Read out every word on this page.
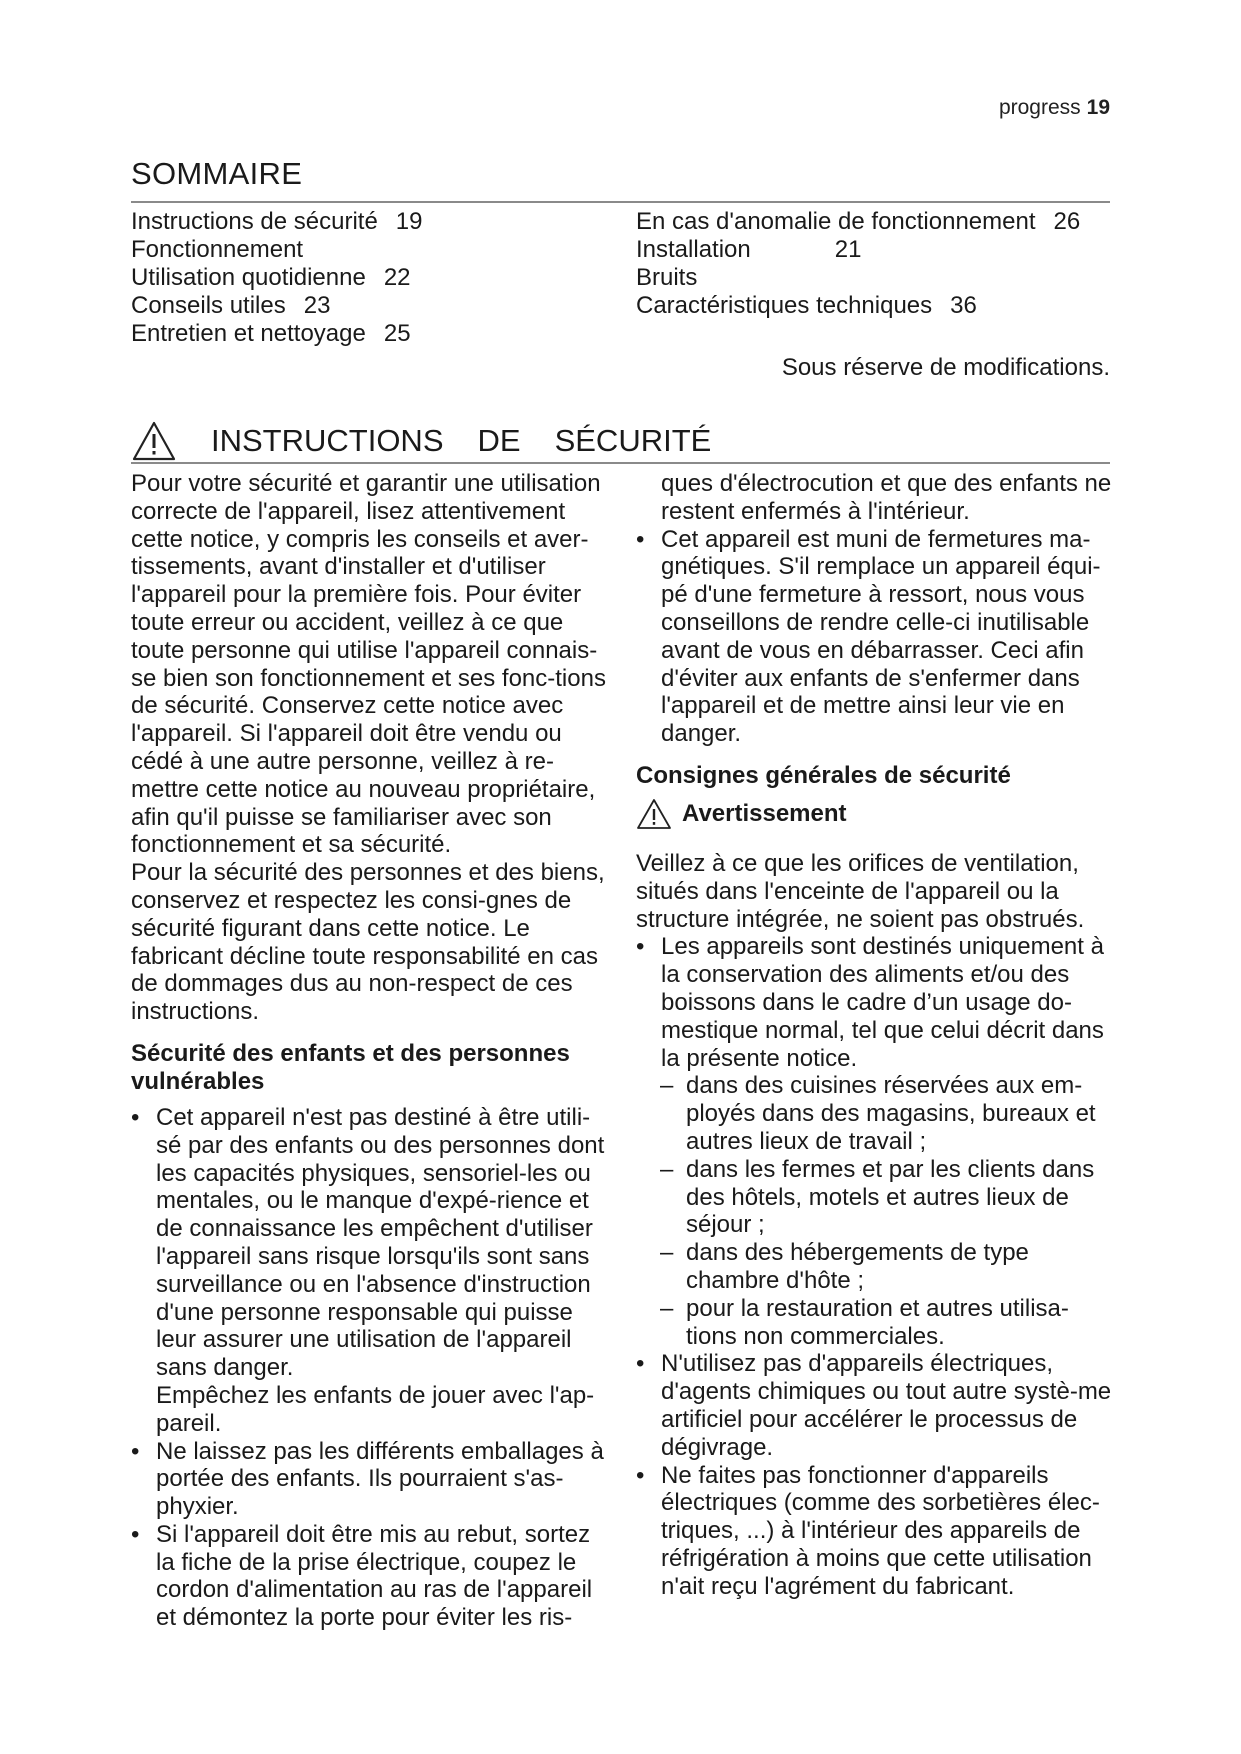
progress 19
SOMMAIRE
Instructions de sécurité 19
Fonctionnement
Utilisation quotidienne 22
Conseils utiles 23
Entretien et nettoyage 25
En cas d'anomalie de fonctionnement 26
Installation	21
Bruits
Caractéristiques techniques 36
Sous réserve de modifications.
INSTRUCTIONS DE SÉCURITÉ

Pour votre sécurité et garantir une utilisation correcte de l'appareil, lisez attentivement cette notice, y compris les conseils et aver-tissements, avant d'installer et d'utiliser l'appareil pour la première fois. Pour éviter toute erreur ou accident, veillez à ce que toute personne qui utilise l'appareil connais-se bien son fonctionnement et ses fonc-tions de sécurité. Conservez cette notice avec l'appareil. Si l'appareil doit être vendu ou cédé à une autre personne, veillez à re-mettre cette notice au nouveau propriétaire, afin qu'il puisse se familiariser avec son fonctionnement et sa sécurité.

Pour la sécurité des personnes et des biens, conservez et respectez les consi-gnes de sécurité figurant dans cette notice. Le fabricant décline toute responsabilité en cas de dommages dus au non-respect de ces instructions.

Sécurité des enfants et des personnes vulnérables
• Cet appareil n'est pas destiné à être utili-sé par des enfants ou des personnes dont les capacités physiques, sensoriel-les ou mentales, ou le manque d'expé-rience et de connaissance les empêchent d'utiliser l'appareil sans risque lorsqu'ils sont sans surveillance ou en l'absence d'instruction d'une personne responsable qui puisse leur assurer une utilisation de l'appareil sans danger.
Empêchez les enfants de jouer avec l'ap-pareil.
• Ne laissez pas les différents emballages à portée des enfants. Ils pourraient s'as-phyxier.
• Si l'appareil doit être mis au rebut, sortez la fiche de la prise électrique, coupez le cordon d'alimentation au ras de l'appareil et démontez la porte pour éviter les ris-

ques d'électrocution et que des enfants ne restent enfermés à l'intérieur.

• Cet appareil est muni de fermetures ma-gnétiques. S'il remplace un appareil équi-pé d'une fermeture à ressort, nous vous conseillons de rendre celle-ci inutilisable avant de vous en débarrasser. Ceci afin d'éviter aux enfants de s'enfermer dans l'appareil et de mettre ainsi leur vie en danger.
Consignes générales de sécurité
Avertissement

Veillez à ce que les orifices de ventilation, situés dans l'enceinte de l'appareil ou la structure intégrée, ne soient pas obstrués.

• Les appareils sont destinés uniquement à la conservation des aliments et/ou des boissons dans le cadre d’un usage do-mestique normal, tel que celui décrit dans la présente notice.
– dans des cuisines réservées aux em-ployés dans des magasins, bureaux et autres lieux de travail ;
– dans les fermes et par les clients dans des hôtels, motels et autres lieux de séjour ;
– dans des hébergements de type chambre d'hôte ;
– pour la restauration et autres utilisa-tions non commerciales.
• N'utilisez pas d'appareils électriques, d'agents chimiques ou tout autre systè-me artificiel pour accélérer le processus de dégivrage.
• Ne faites pas fonctionner d'appareils électriques (comme des sorbetières élec-triques, ...) à l'intérieur des appareils de réfrigération à moins que cette utilisation n'ait reçu l'agrément du fabricant.
